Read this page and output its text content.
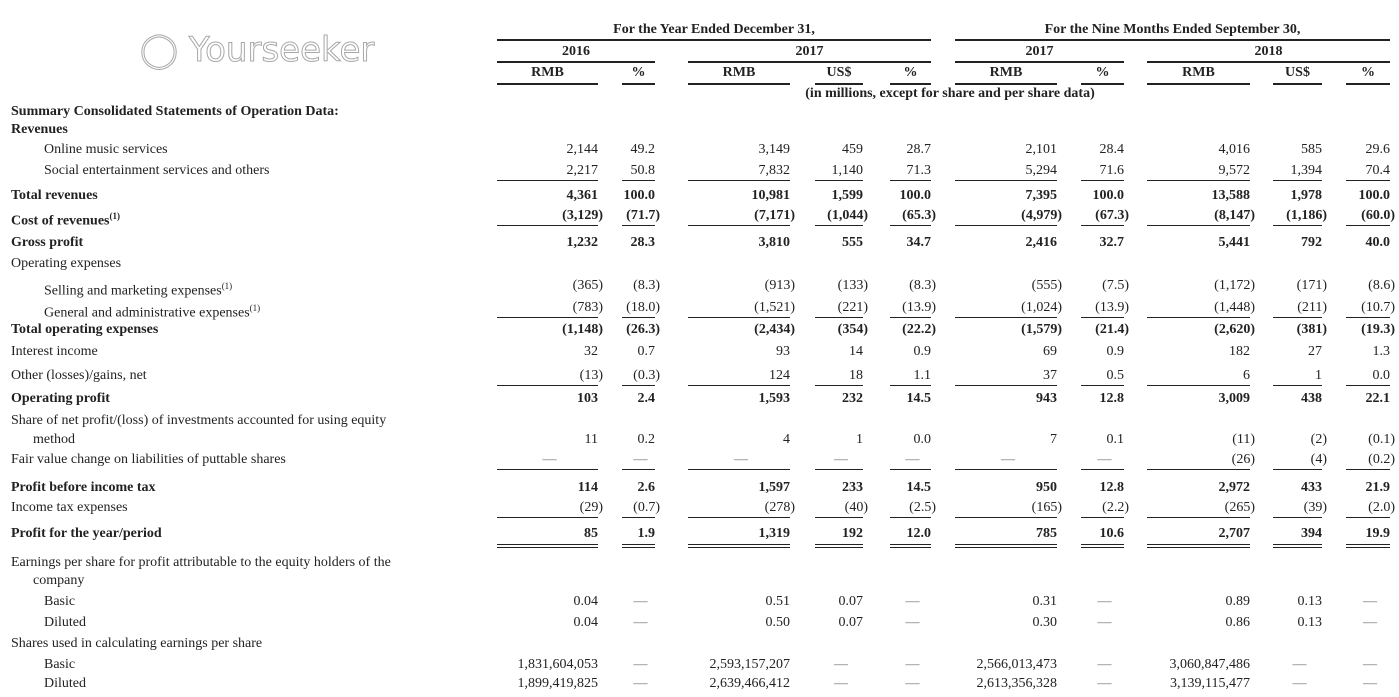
For the Year Ended December 31,	For the Nine Months Ended September 30,
2016	2017	2017	2018
(in millions, except for share and per share data)
◯ Yourseeker
RMB	%	RMB	US$	%	RMB	%	RMB	US$	%
Summary Consolidated Statements of Operation Data:
Revenues
Online music services	2,144	49.2	3,149	459	28.7	2,101	28.4	4,016	585	29.6
Social entertainment services and others	2,217	50.8	7,832	1,140	71.3	5,294	71.6	9,572	1,394	70.4
Total revenues	4,361	100.0	10,981	1,599	100.0	7,395	100.0	13,588	1,978	100.0
Cost of revenues$^{(1)}$	(3,129)	(71.7)	(7,171)	(1,044)	(65.3)	(4,979)	(67.3)	(8,147)	(1,186)	(60.0)
Gross profit	1,232	28.3	3,810	555	34.7	2,416	32.7	5,441	792	40.0
Operating expenses
Selling and marketing expenses$^{(1)}$	(365)	(8.3)	(913)	(133)	(8.3)	(555)	(7.5)	(1,172)	(171)	(8.6)
General and administrative expenses$^{(1)}$	(783)	(18.0)	(1,521)	(221)	(13.9)	(1,024)	(13.9)	(1,448)	(211)	(10.7)
Total operating expenses	(1,148)	(26.3)	(2,434)	(354)	(22.2)	(1,579)	(21.4)	(2,620)	(381)	(19.3)
Interest income	32	0.7	93	14	0.9	69	0.9	182	27	1.3
Other (losses)/gains, net	(13)	(0.3)	124	18	1.1	37	0.5	6	1	0.0
Operating profit	103	2.4	1,593	232	14.5	943	12.8	3,009	438	22.1
Share of net profit/(loss) of investments accounted for using equity
method	11	0.2	4	1	0.0	7	0.1	(11)	(2)	(0.1)
Fair value change on liabilities of puttable shares	—	—	—	—	—	—	—	(26)	(4)	(0.2)
Profit before income tax	114	2.6	1,597	233	14.5	950	12.8	2,972	433	21.9
Income tax expenses	(29)	(0.7)	(278)	(40)	(2.5)	(165)	(2.2)	(265)	(39)	(2.0)
Profit for the year/period	85	1.9	1,319	192	12.0	785	10.6	2,707	394	19.9
Earnings per share for profit attributable to the equity holders of the
company
Basic	0.04	—	0.51	0.07	—	0.31	—	0.89	0.13	—
Diluted	0.04	—	0.50	0.07	—	0.30	—	0.86	0.13	—
Shares used in calculating earnings per share
Basic	1,831,604,053	—	2,593,157,207	—	—	2,566,013,473	—	3,060,847,486	—	—
Diluted	1,899,419,825	—	2,639,466,412	—	—	2,613,356,328	—	3,139,115,477	—	—
